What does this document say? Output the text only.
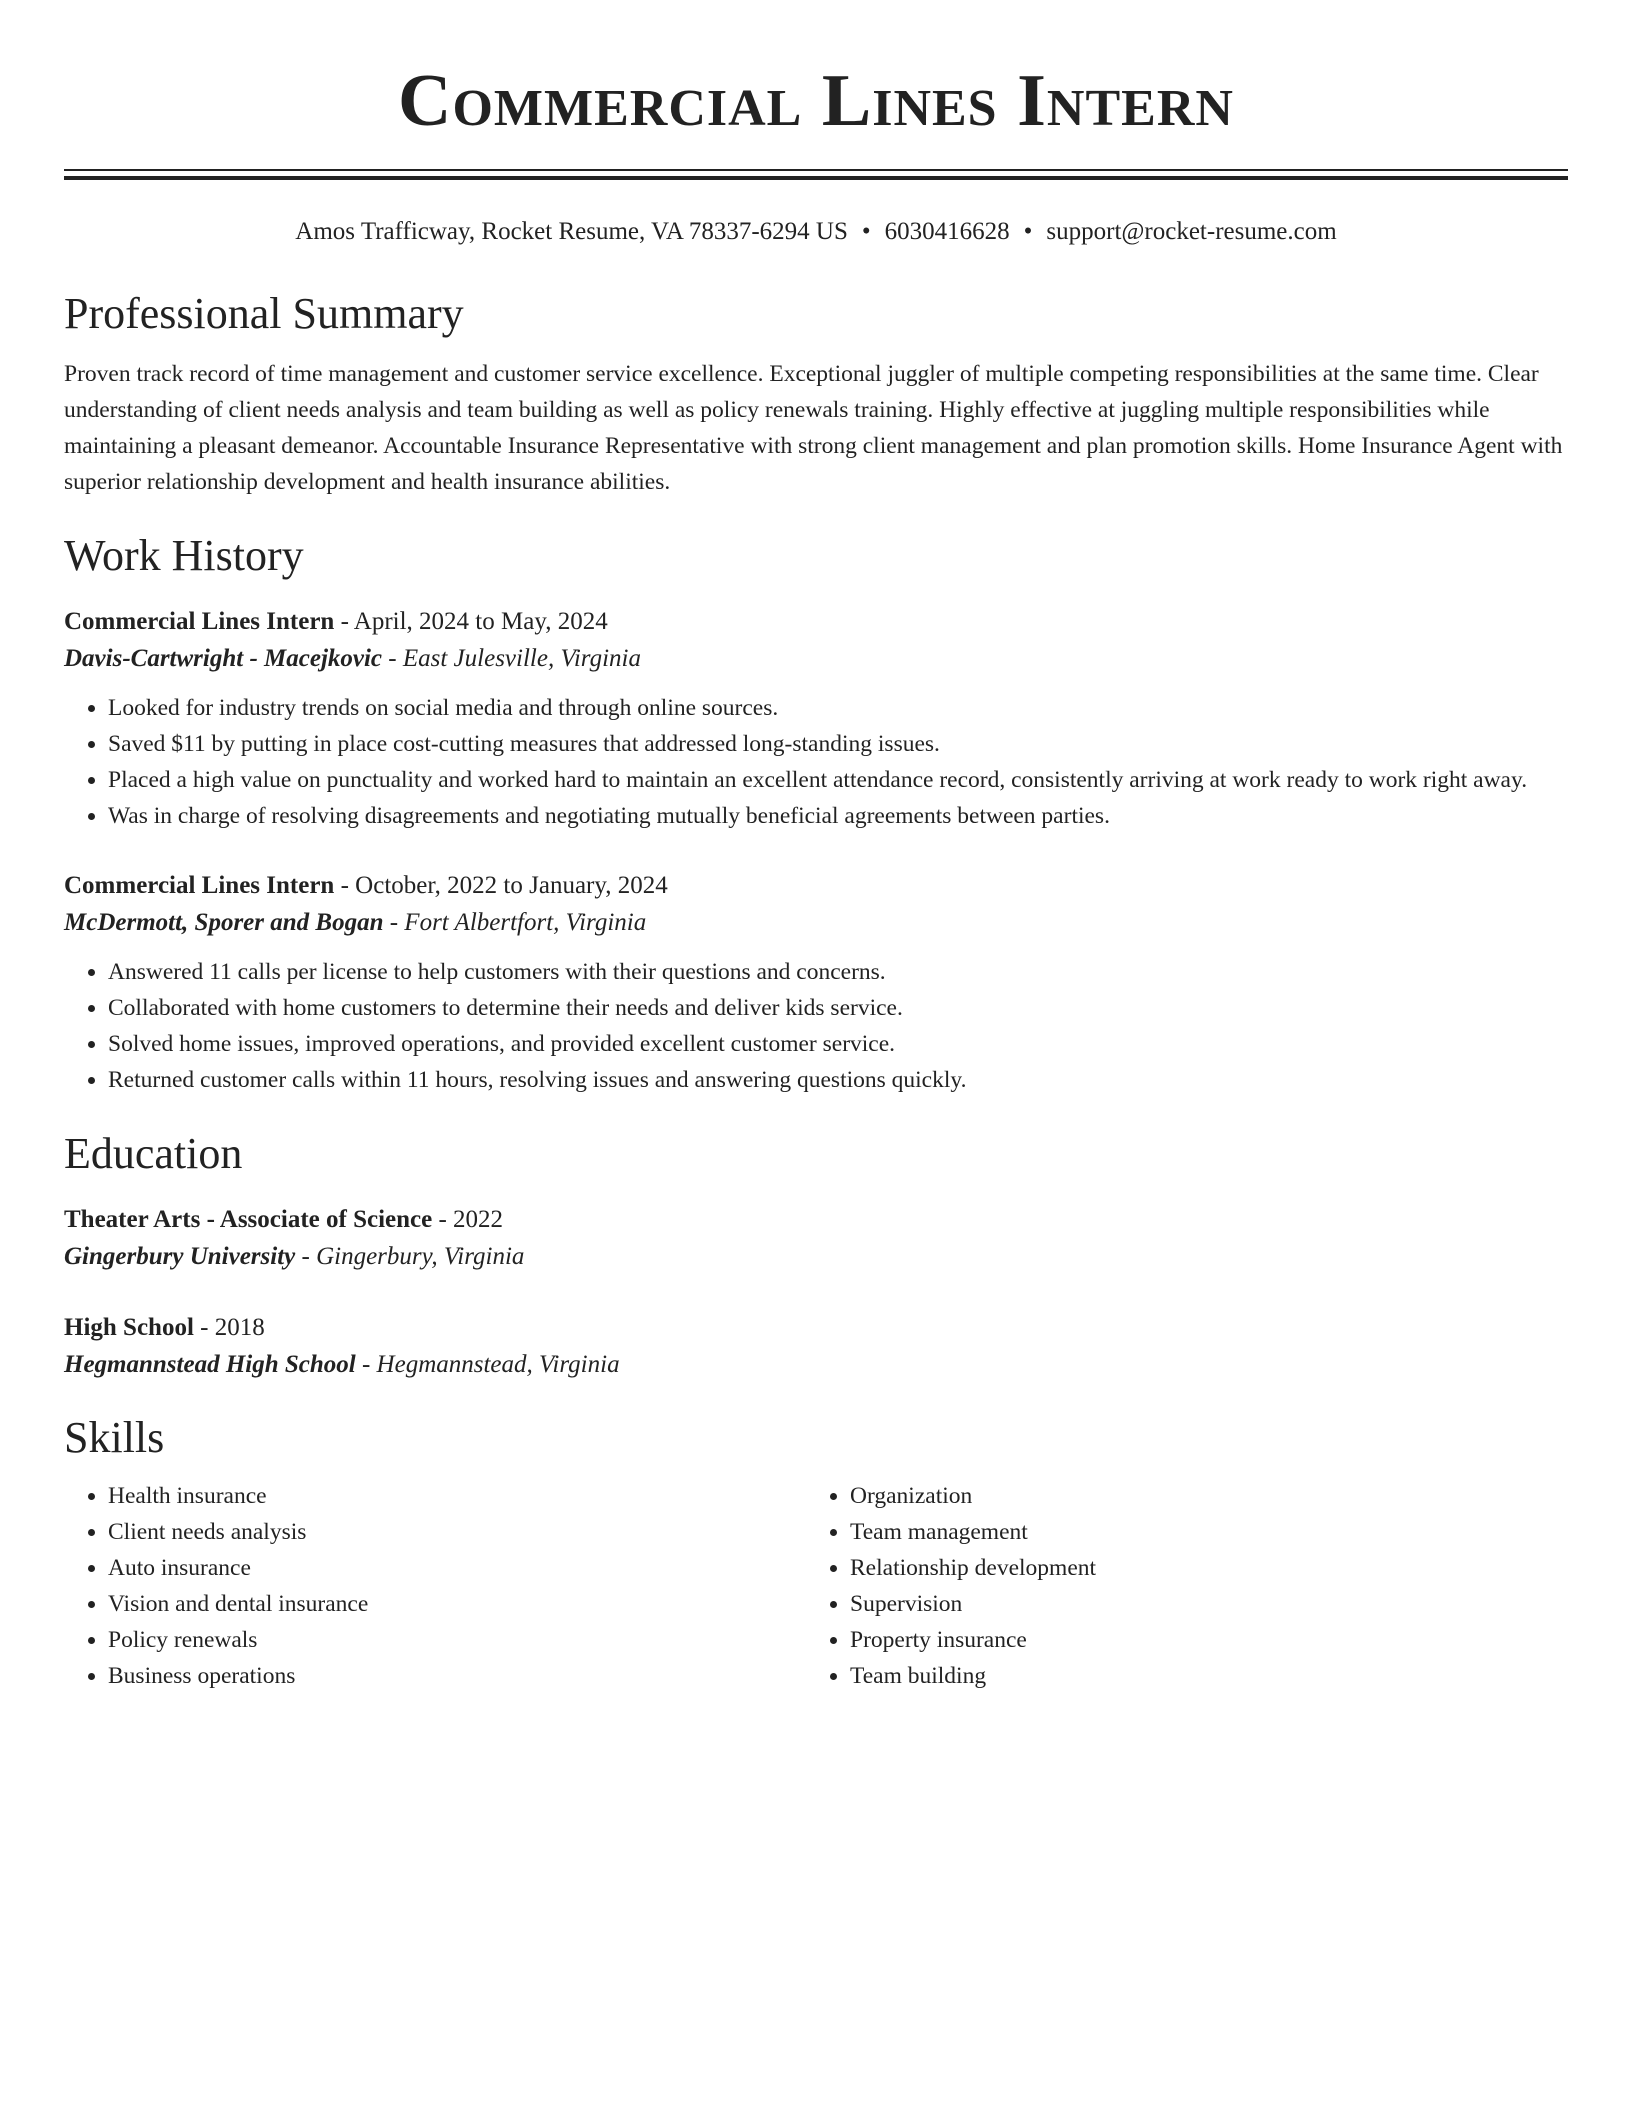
Commercial Lines Intern
Amos Trafficway, Rocket Resume, VA 78337-6294 US • 6030416628 • support@rocket-resume.com
Professional Summary
Proven track record of time management and customer service excellence. Exceptional juggler of multiple competing responsibilities at the same time. Clear understanding of client needs analysis and team building as well as policy renewals training. Highly effective at juggling multiple responsibilities while maintaining a pleasant demeanor. Accountable Insurance Representative with strong client management and plan promotion skills. Home Insurance Agent with superior relationship development and health insurance abilities.
Work History
Commercial Lines Intern - April, 2024 to May, 2024
Davis-Cartwright - Macejkovic - East Julesville, Virginia
• Looked for industry trends on social media and through online sources.
• Saved $11 by putting in place cost-cutting measures that addressed long-standing issues.
• Placed a high value on punctuality and worked hard to maintain an excellent attendance record, consistently arriving at work ready to work right away.
• Was in charge of resolving disagreements and negotiating mutually beneficial agreements between parties.
Commercial Lines Intern - October, 2022 to January, 2024
McDermott, Sporer and Bogan - Fort Albertfort, Virginia
• Answered 11 calls per license to help customers with their questions and concerns.
• Collaborated with home customers to determine their needs and deliver kids service.
• Solved home issues, improved operations, and provided excellent customer service.
• Returned customer calls within 11 hours, resolving issues and answering questions quickly.
Education
Theater Arts - Associate of Science - 2022
Gingerbury University - Gingerbury, Virginia
High School - 2018
Hegmannstead High School - Hegmannstead, Virginia
Skills
• Health insurance
• Client needs analysis
• Auto insurance
• Vision and dental insurance
• Policy renewals
• Business operations
• Organization
• Team management
• Relationship development
• Supervision
• Property insurance
• Team building
